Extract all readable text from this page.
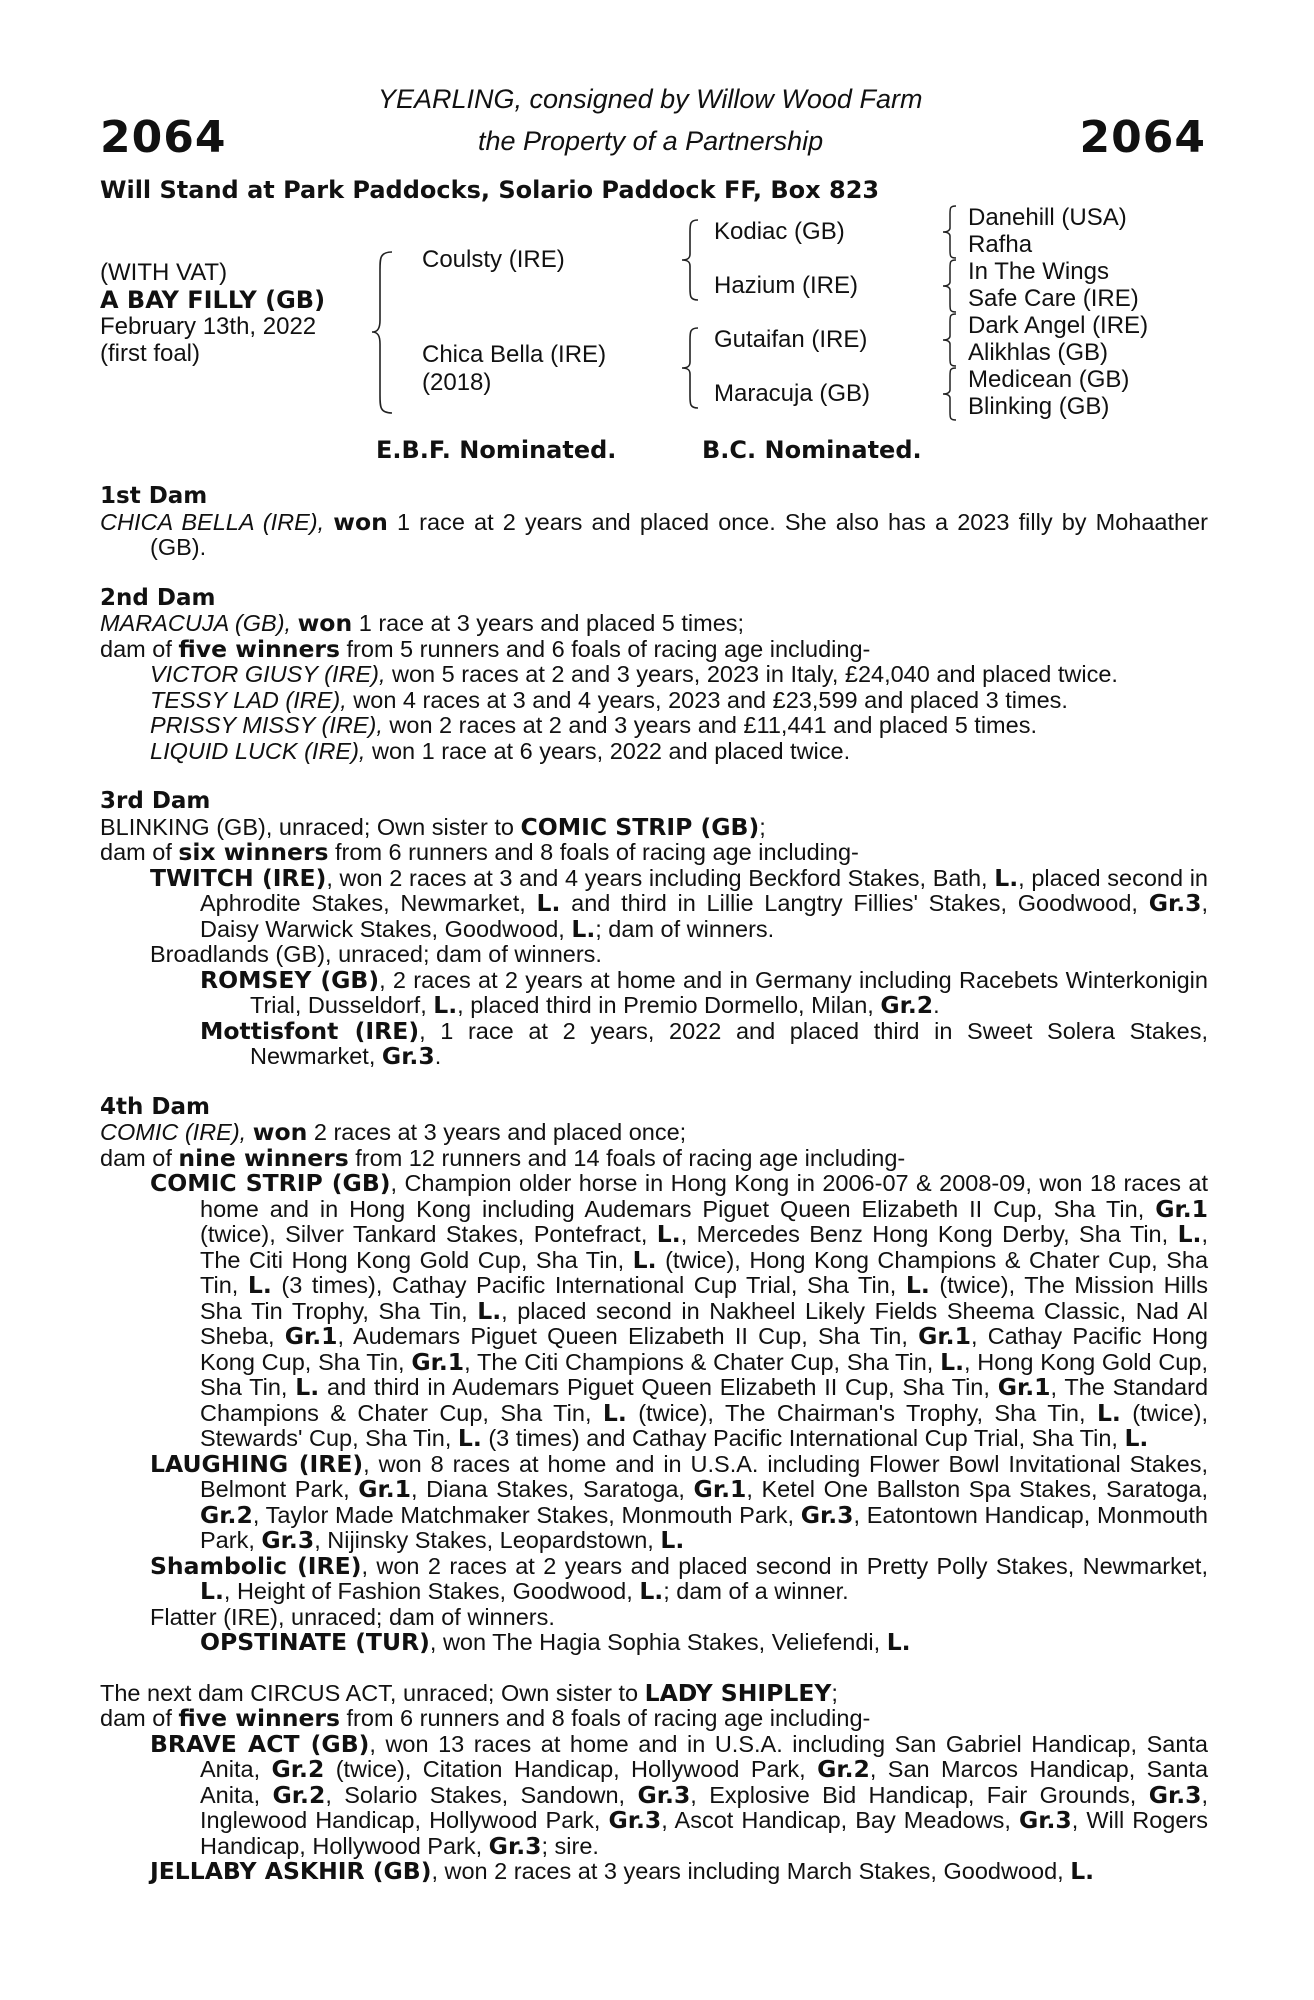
2064	2064
YEARLING, consigned by Willow Wood Farm
the Property of a Partnership
Will Stand at Park Paddocks, Solario Paddock FF, Box 823
(WITH VAT)
A BAY FILLY (GB)
February 13th, 2022
(first foal)
Coulsty (IRE)
Chica Bella (IRE)
(2018)
Kodiac (GB)
Hazium (IRE)
Gutaifan (IRE)
Maracuja (GB)
Danehill (USA)
Rafha
In The Wings
Safe Care (IRE)
Dark Angel (IRE)
Alikhlas (GB)
Medicean (GB)
Blinking (GB)
E.B.F. Nominated.	B.C. Nominated.

1st Dam

CHICA BELLA (IRE), won 1 race at 2 years and placed once. She also has a 2023 filly by Mohaather (GB).

2nd Dam

MARACUJA (GB), won 1 race at 3 years and placed 5 times;

dam of five winners from 5 runners and 6 foals of racing age including-

VICTOR GIUSY (IRE), won 5 races at 2 and 3 years, 2023 in Italy, £24,040 and placed twice.

TESSY LAD (IRE), won 4 races at 3 and 4 years, 2023 and £23,599 and placed 3 times.

PRISSY MISSY (IRE), won 2 races at 2 and 3 years and £11,441 and placed 5 times.

LIQUID LUCK (IRE), won 1 race at 6 years, 2022 and placed twice.

3rd Dam

BLINKING (GB), unraced; Own sister to COMIC STRIP (GB);

dam of six winners from 6 runners and 8 foals of racing age including-

TWITCH (IRE), won 2 races at 3 and 4 years including Beckford Stakes, Bath, L., placed second in Aphrodite Stakes, Newmarket, L. and third in Lillie Langtry Fillies' Stakes, Goodwood, Gr.3, Daisy Warwick Stakes, Goodwood, L.; dam of winners.

Broadlands (GB), unraced; dam of winners.

ROMSEY (GB), 2 races at 2 years at home and in Germany including Racebets Winterkonigin Trial, Dusseldorf, L., placed third in Premio Dormello, Milan, Gr.2.

Mottisfont (IRE), 1 race at 2 years, 2022 and placed third in Sweet Solera Stakes, Newmarket, Gr.3.

4th Dam

COMIC (IRE), won 2 races at 3 years and placed once;

dam of nine winners from 12 runners and 14 foals of racing age including-

COMIC STRIP (GB), Champion older horse in Hong Kong in 2006-07 & 2008-09, won 18 races at home and in Hong Kong including Audemars Piguet Queen Elizabeth II Cup, Sha Tin, Gr.1 (twice), Silver Tankard Stakes, Pontefract, L., Mercedes Benz Hong Kong Derby, Sha Tin, L., The Citi Hong Kong Gold Cup, Sha Tin, L. (twice), Hong Kong Champions & Chater Cup, Sha Tin, L. (3 times), Cathay Pacific International Cup Trial, Sha Tin, L. (twice), The Mission Hills Sha Tin Trophy, Sha Tin, L., placed second in Nakheel Likely Fields Sheema Classic, Nad Al Sheba, Gr.1, Audemars Piguet Queen Elizabeth II Cup, Sha Tin, Gr.1, Cathay Pacific Hong Kong Cup, Sha Tin, Gr.1, The Citi Champions & Chater Cup, Sha Tin, L., Hong Kong Gold Cup, Sha Tin, L. and third in Audemars Piguet Queen Elizabeth II Cup, Sha Tin, Gr.1, The Standard Champions & Chater Cup, Sha Tin, L. (twice), The Chairman's Trophy, Sha Tin, L. (twice), Stewards' Cup, Sha Tin, L. (3 times) and Cathay Pacific International Cup Trial, Sha Tin, L.

LAUGHING (IRE), won 8 races at home and in U.S.A. including Flower Bowl Invitational Stakes, Belmont Park, Gr.1, Diana Stakes, Saratoga, Gr.1, Ketel One Ballston Spa Stakes, Saratoga, Gr.2, Taylor Made Matchmaker Stakes, Monmouth Park, Gr.3, Eatontown Handicap, Monmouth Park, Gr.3, Nijinsky Stakes, Leopardstown, L.

Shambolic (IRE), won 2 races at 2 years and placed second in Pretty Polly Stakes, Newmarket, L., Height of Fashion Stakes, Goodwood, L.; dam of a winner.

Flatter (IRE), unraced; dam of winners.

OPSTINATE (TUR), won The Hagia Sophia Stakes, Veliefendi, L.

The next dam CIRCUS ACT, unraced; Own sister to LADY SHIPLEY;

dam of five winners from 6 runners and 8 foals of racing age including-

BRAVE ACT (GB), won 13 races at home and in U.S.A. including San Gabriel Handicap, Santa Anita, Gr.2 (twice), Citation Handicap, Hollywood Park, Gr.2, San Marcos Handicap, Santa Anita, Gr.2, Solario Stakes, Sandown, Gr.3, Explosive Bid Handicap, Fair Grounds, Gr.3, Inglewood Handicap, Hollywood Park, Gr.3, Ascot Handicap, Bay Meadows, Gr.3, Will Rogers Handicap, Hollywood Park, Gr.3; sire.

JELLABY ASKHIR (GB), won 2 races at 3 years including March Stakes, Goodwood, L.
